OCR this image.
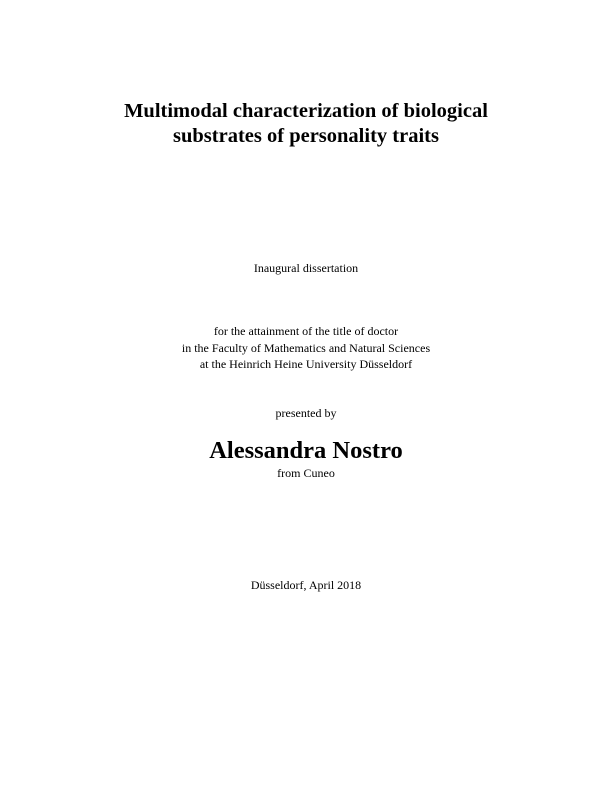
Multimodal characterization of biological
substrates of personality traits
Inaugural dissertation
for the attainment of the title of doctor
in the Faculty of Mathematics and Natural Sciences
at the Heinrich Heine University Düsseldorf
presented by
Alessandra Nostro
from Cuneo
Düsseldorf, April 2018
